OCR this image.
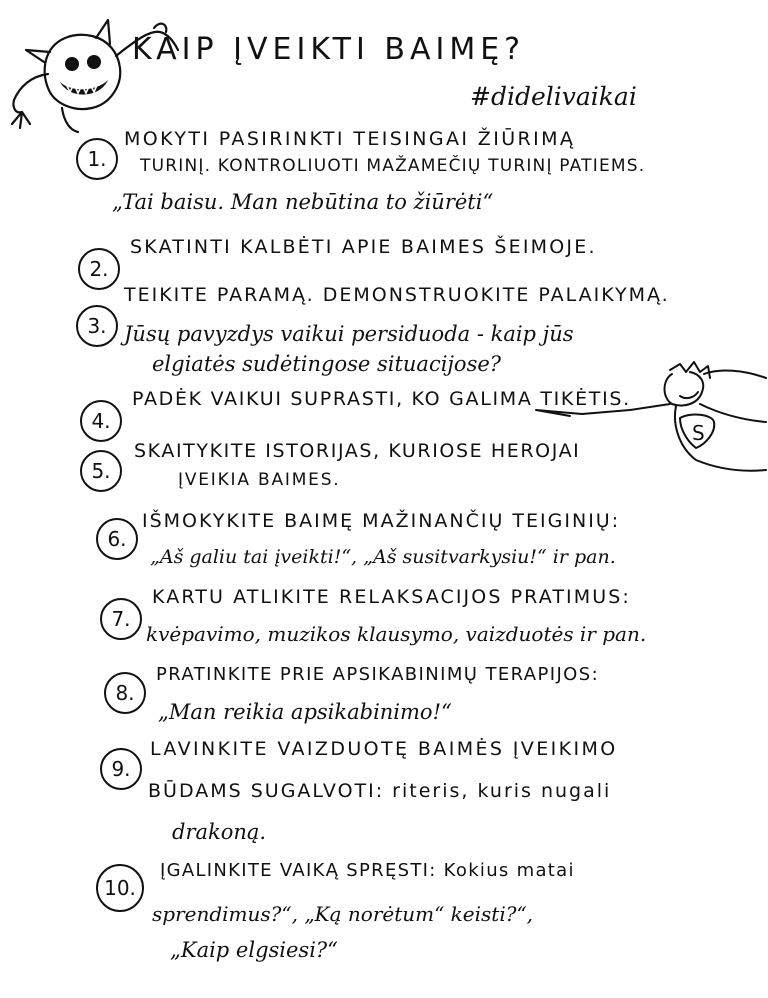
KAIP ĮVEIKTI BAIMĘ?
#didelivaikai
1.
MOKYTI PASIRINKTI TEISINGAI ŽIŪRIMĄ
TURINĮ. KONTROLIUOTI MAŽAMEČIŲ TURINĮ PATIEMS.
„Tai baisu. Man nebūtina to žiūrėti“
2.
SKATINTI KALBĖTI APIE BAIMES ŠEIMOJE.
3.
TEIKITE PARAMĄ. DEMONSTRUOKITE PALAIKYMĄ.
Jūsų pavyzdys vaikui persiduoda - kaip jūs
elgiatės sudėtingose situacijose?
S
4.
PADĖK VAIKUI SUPRASTI, KO GALIMA TIKĖTIS.
5.
SKAITYKITE ISTORIJAS, KURIOSE HEROJAI
ĮVEIKIA BAIMES.
6.
IŠMOKYKITE BAIMĘ MAŽINANČIŲ TEIGINIŲ:
„Aš galiu tai įveikti!“, „Aš susitvarkysiu!“ ir pan.
7.
KARTU ATLIKITE RELAKSACIJOS PRATIMUS:
kvėpavimo, muzikos klausymo, vaizduotės ir pan.
8.
PRATINKITE PRIE APSIKABINIMŲ TERAPIJOS:
„Man reikia apsikabinimo!“
9.
LAVINKITE VAIZDUOTĘ BAIMĖS ĮVEIKIMO
BŪDAMS SUGALVOTI: riteris, kuris nugali
drakoną.
10.
ĮGALINKITE VAIKĄ SPRĘSTI: Kokius matai
sprendimus?“, „Ką norėtum“ keisti?“,
„Kaip elgsiesi?“
